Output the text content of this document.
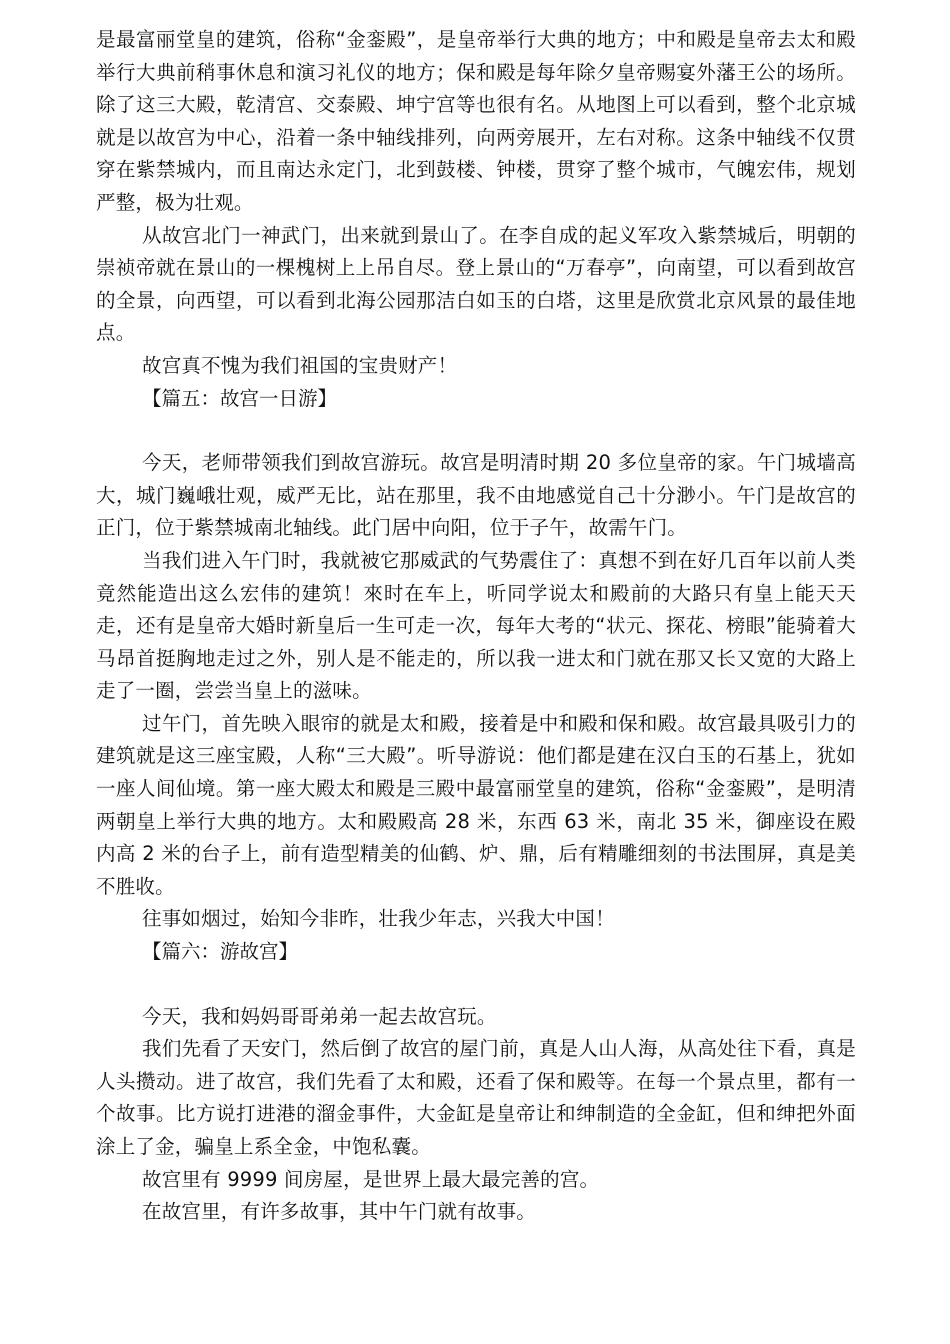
是最富丽堂皇的建筑，俗称“金銮殿”，是皇帝举行大典的地方；中和殿是皇帝去太和殿举行大典前稍事休息和演习礼仪的地方；保和殿是每年除夕皇帝赐宴外藩王公的场所。除了这三大殿，乾清宫、交泰殿、坤宁宫等也很有名。从地图上可以看到，整个北京城就是以故宫为中心，沿着一条中轴线排列，向两旁展开，左右对称。这条中轴线不仅贯穿在紫禁城内，而且南达永定门，北到鼓楼、钟楼，贯穿了整个城市，气魄宏伟，规划严整，极为壮观。

从故宫北门一神武门，出来就到景山了。在李自成的起义军攻入紫禁城后，明朝的崇祯帝就在景山的一棵槐树上上吊自尽。登上景山的“万春亭”，向南望，可以看到故宫的全景，向西望，可以看到北海公园那洁白如玉的白塔，这里是欣赏北京风景的最佳地点。

故宫真不愧为我们祖国的宝贵财产！

【篇五：故宫一日游】

今天，老师带领我们到故宫游玩。故宫是明清时期 20 多位皇帝的家。午门城墙高大，城门巍峨壮观，威严无比，站在那里，我不由地感觉自己十分渺小。午门是故宫的正门，位于紫禁城南北轴线。此门居中向阳，位于子午，故需午门。

当我们进入午门时，我就被它那威武的气势震住了：真想不到在好几百年以前人类竟然能造出这么宏伟的建筑！來时在车上，听同学说太和殿前的大路只有皇上能天天走，还有是皇帝大婚时新皇后一生可走一次，每年大考的“状元、探花、榜眼”能骑着大马昂首挺胸地走过之外，别人是不能走的，所以我一进太和门就在那又长又宽的大路上走了一圈，尝尝当皇上的滋味。

过午门，首先映入眼帘的就是太和殿，接着是中和殿和保和殿。故宫最具吸引力的建筑就是这三座宝殿，人称“三大殿”。听导游说：他们都是建在汉白玉的石基上，犹如一座人间仙境。第一座大殿太和殿是三殿中最富丽堂皇的建筑，俗称“金銮殿”，是明清两朝皇上举行大典的地方。太和殿殿高 28 米，东西 63 米，南北 35 米，御座设在殿内高 2 米的台子上，前有造型精美的仙鹤、炉、鼎，后有精雕细刻的书法围屏，真是美不胜收。

往事如烟过，始知今非昨，壮我少年志，兴我大中国！

【篇六：游故宫】

今天，我和妈妈哥哥弟弟一起去故宫玩。

我们先看了天安门，然后倒了故宫的屋门前，真是人山人海，从高处往下看，真是人头攒动。进了故宫，我们先看了太和殿，还看了保和殿等。在每一个景点里，都有一个故事。比方说打进港的溜金事件，大金缸是皇帝让和绅制造的全金缸，但和绅把外面涂上了金，骗皇上系全金，中饱私囊。

故宫里有 9999 间房屋，是世界上最大最完善的宫。

在故宫里，有许多故事，其中午门就有故事。
